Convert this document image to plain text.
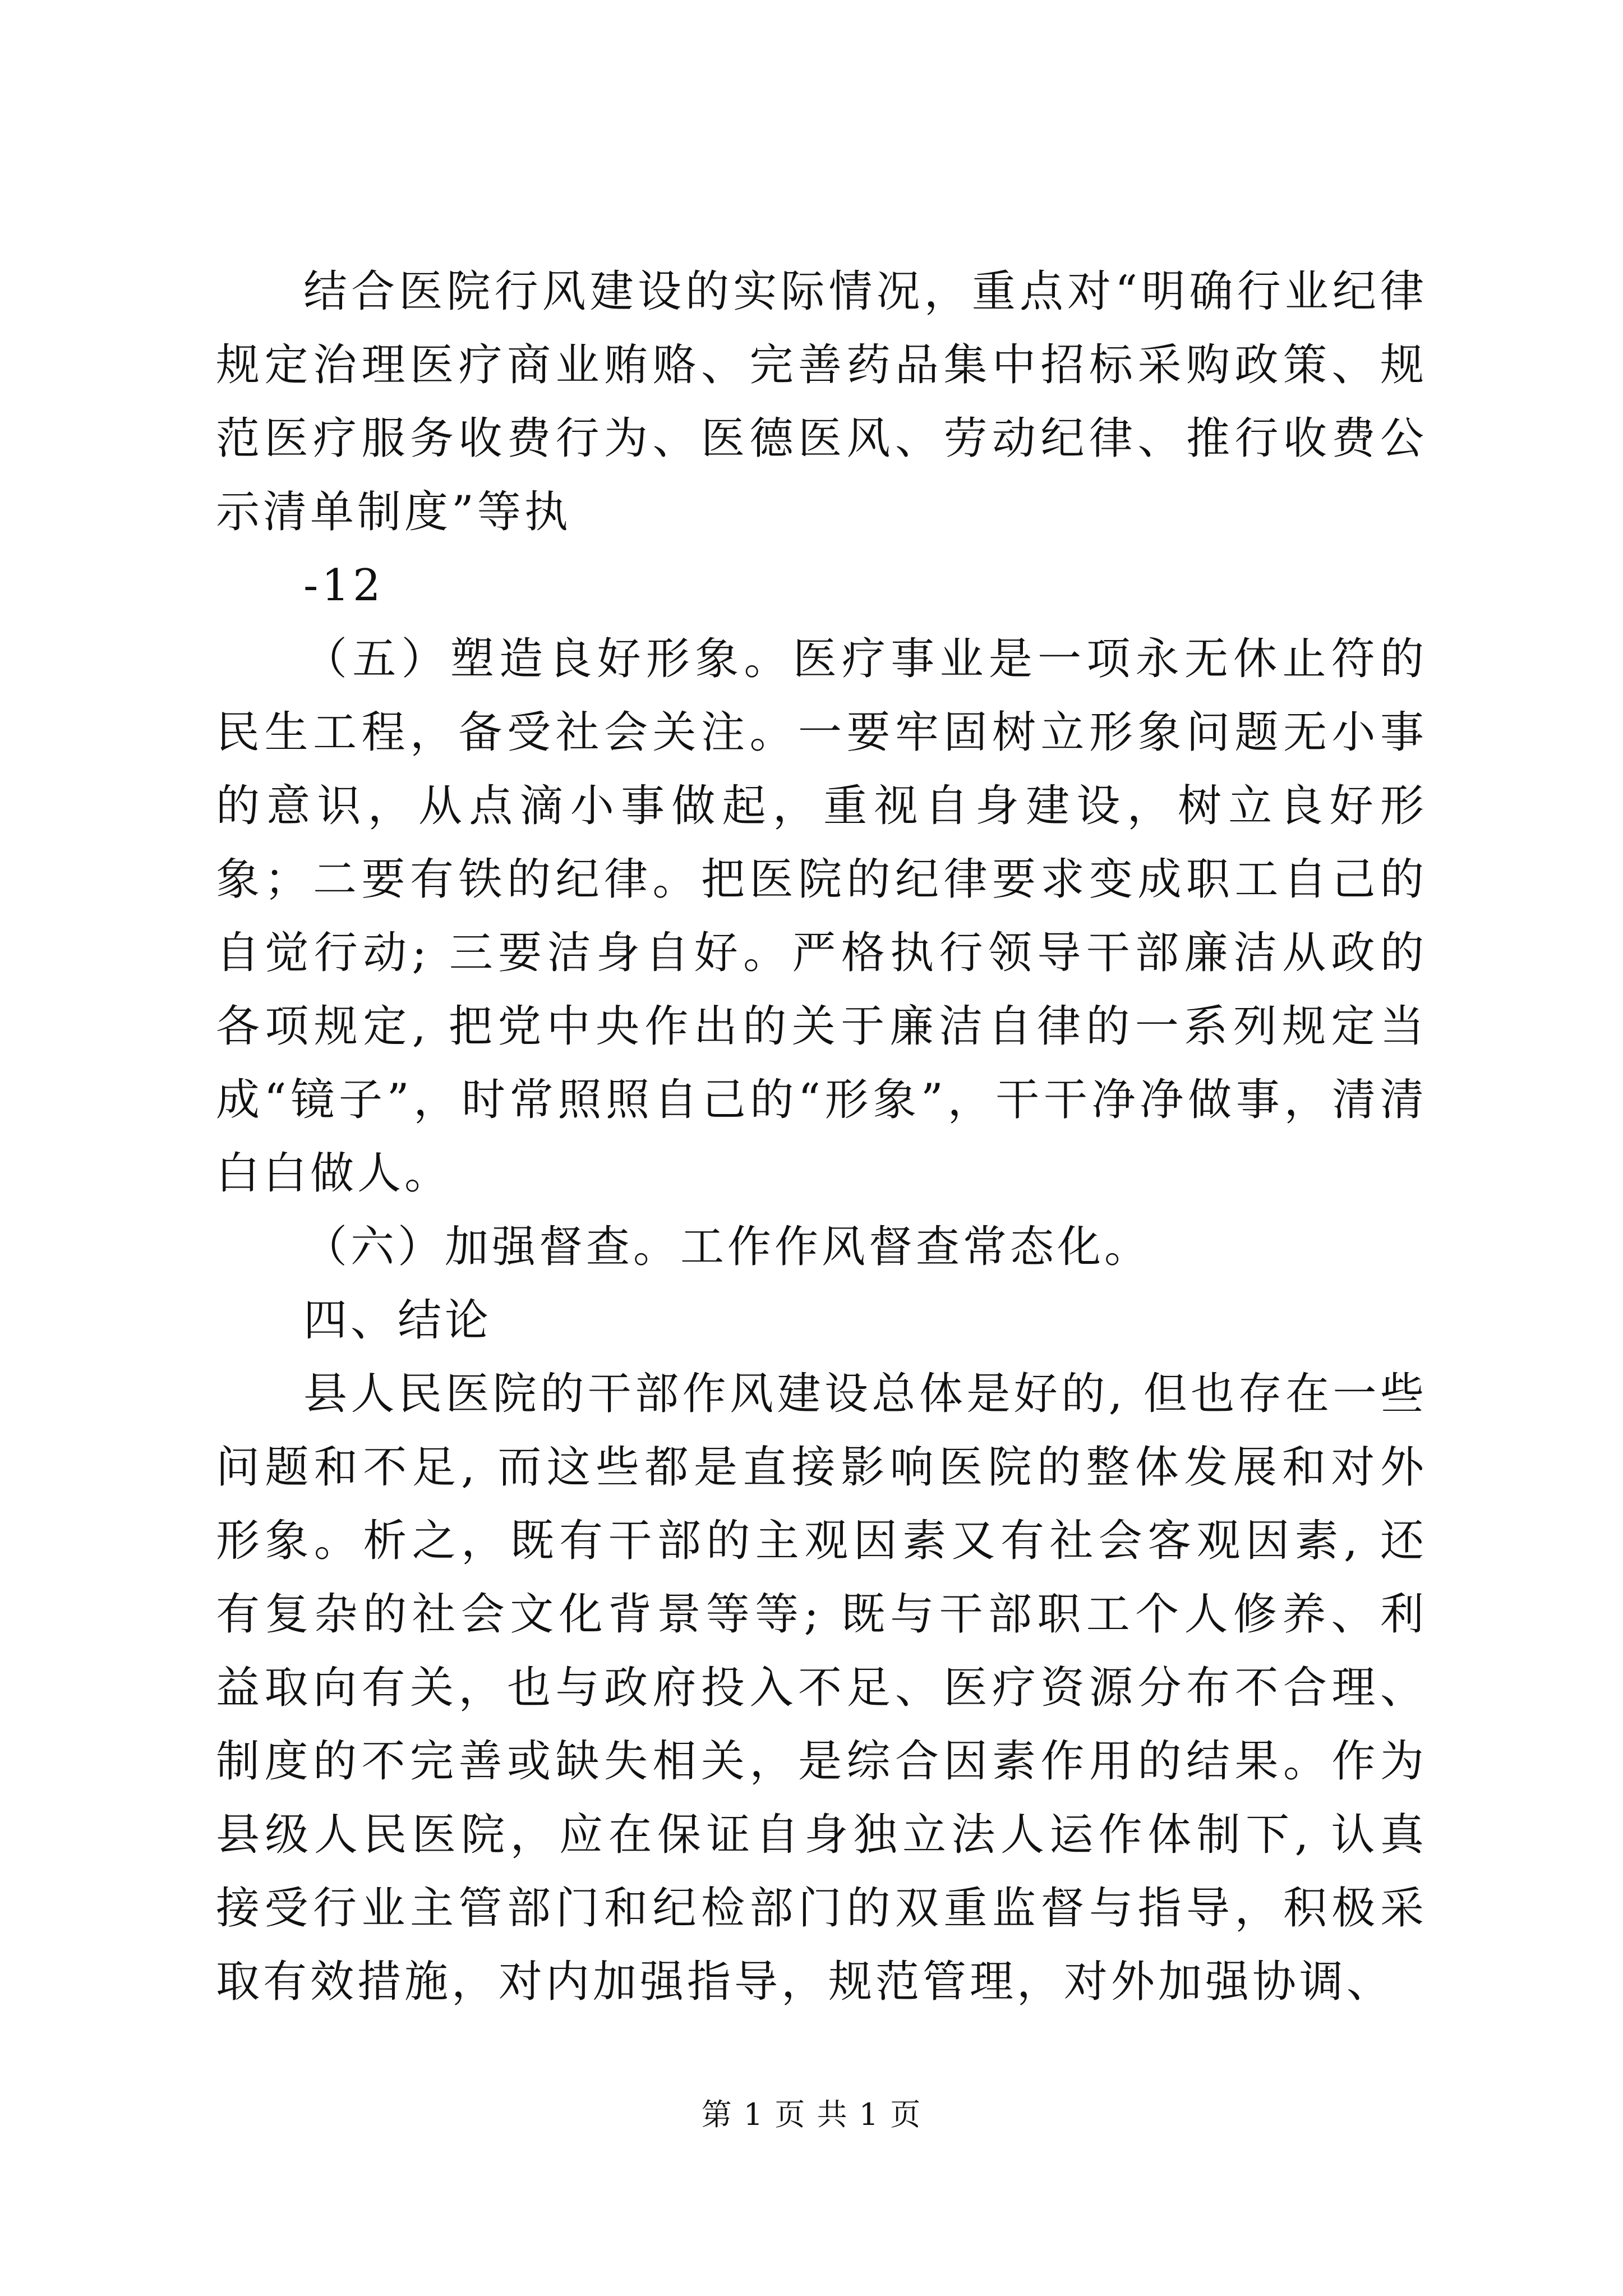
结合医院行风建设的实际情况，重点对“明确行业纪律规定治理医疗商业贿赂、完善药品集中招标采购政策、规范医疗服务收费行为、医德医风、劳动纪律、推行收费公示清单制度”等执

-12

（五）塑造良好形象。医疗事业是一项永无休止符的民生工程，备受社会关注。一要牢固树立形象问题无小事的意识，从点滴小事做起，重视自身建设，树立良好形象；二要有铁的纪律。把医院的纪律要求变成职工自己的自觉行动; 三要洁身自好。严格执行领导干部廉洁从政的各项规定, 把党中央作出的关于廉洁自律的一系列规定当成“镜子”，时常照照自己的“形象”，干干净净做事，清清白白做人。

（六）加强督查。工作作风督查常态化。

四、结论

县人民医院的干部作风建设总体是好的, 但也存在一些问题和不足, 而这些都是直接影响医院的整体发展和对外形象。析之，既有干部的主观因素又有社会客观因素, 还有复杂的社会文化背景等等; 既与干部职工个人修养、利益取向有关，也与政府投入不足、医疗资源分布不合理、制度的不完善或缺失相关，是综合因素作用的结果。作为县级人民医院，应在保证自身独立法人运作体制下, 认真接受行业主管部门和纪检部门的双重监督与指导，积极采取有效措施，对内加强指导，规范管理，对外加强协调、

第 1 页 共 1 页
